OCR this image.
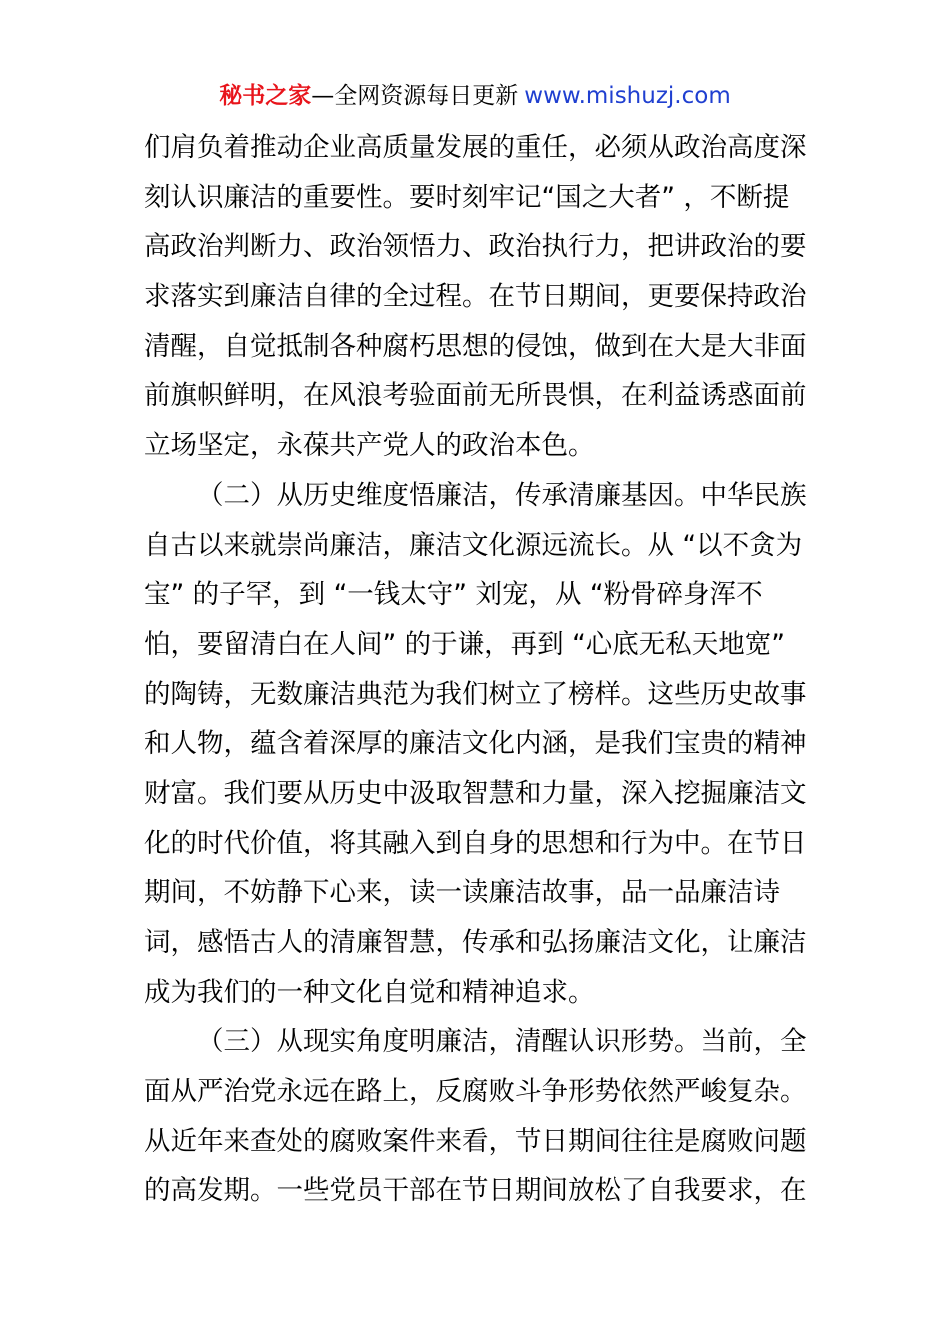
秘书之家—全网资源每日更新 www.mishuzj.com
们肩负着推动企业高质量发展的重任，必须从政治高度深
刻认识廉洁的重要性。要时刻牢记“国之大者” ，不断提
高政治判断力、政治领悟力、政治执行力，把讲政治的要
求落实到廉洁自律的全过程。在节日期间，更要保持政治
清醒，自觉抵制各种腐朽思想的侵蚀，做到在大是大非面
前旗帜鲜明，在风浪考验面前无所畏惧，在利益诱惑面前
立场坚定，永葆共产党人的政治本色。
（二）从历史维度悟廉洁，传承清廉基因。中华民族
自古以来就崇尚廉洁，廉洁文化源远流长。从 “以不贪为
宝” 的子罕，到 “一钱太守” 刘宠，从 “粉骨碎身浑不
怕，要留清白在人间” 的于谦，再到 “心底无私天地宽”
的陶铸，无数廉洁典范为我们树立了榜样。这些历史故事
和人物，蕴含着深厚的廉洁文化内涵，是我们宝贵的精神
财富。我们要从历史中汲取智慧和力量，深入挖掘廉洁文
化的时代价值，将其融入到自身的思想和行为中。在节日
期间，不妨静下心来，读一读廉洁故事，品一品廉洁诗
词，感悟古人的清廉智慧，传承和弘扬廉洁文化，让廉洁
成为我们的一种文化自觉和精神追求。
（三）从现实角度明廉洁，清醒认识形势。当前，全
面从严治党永远在路上，反腐败斗争形势依然严峻复杂。
从近年来查处的腐败案件来看，节日期间往往是腐败问题
的高发期。一些党员干部在节日期间放松了自我要求，在
